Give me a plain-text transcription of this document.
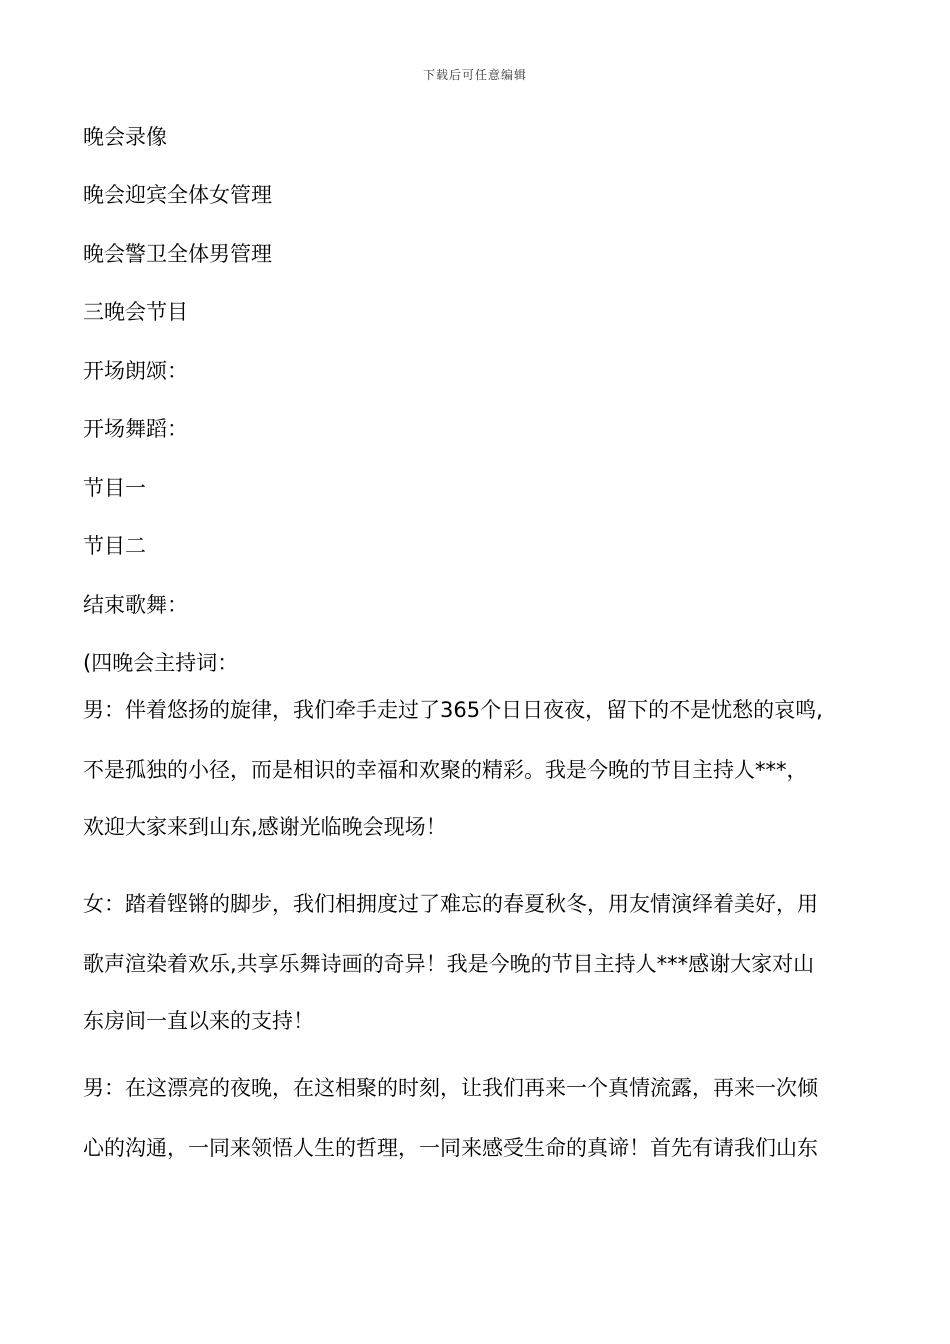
下载后可任意编辑
晚会录像
晚会迎宾全体女管理
晚会警卫全体男管理
三晚会节目
开场朗颂：
开场舞蹈：
节目一
节目二
结束歌舞：
(四晚会主持词：
男：伴着悠扬的旋律，我们牵手走过了365个日日夜夜，留下的不是忧愁的哀鸣,
不是孤独的小径，而是相识的幸福和欢聚的精彩。我是今晚的节目主持人***，
欢迎大家来到山东,感谢光临晚会现场！
女：踏着铿锵的脚步，我们相拥度过了难忘的春夏秋冬，用友情演绎着美好，用
歌声渲染着欢乐,共享乐舞诗画的奇异！我是今晚的节目主持人***感谢大家对山
东房间一直以来的支持！
男：在这漂亮的夜晚，在这相聚的时刻，让我们再来一个真情流露，再来一次倾
心的沟通，一同来领悟人生的哲理，一同来感受生命的真谛！首先有请我们山东
